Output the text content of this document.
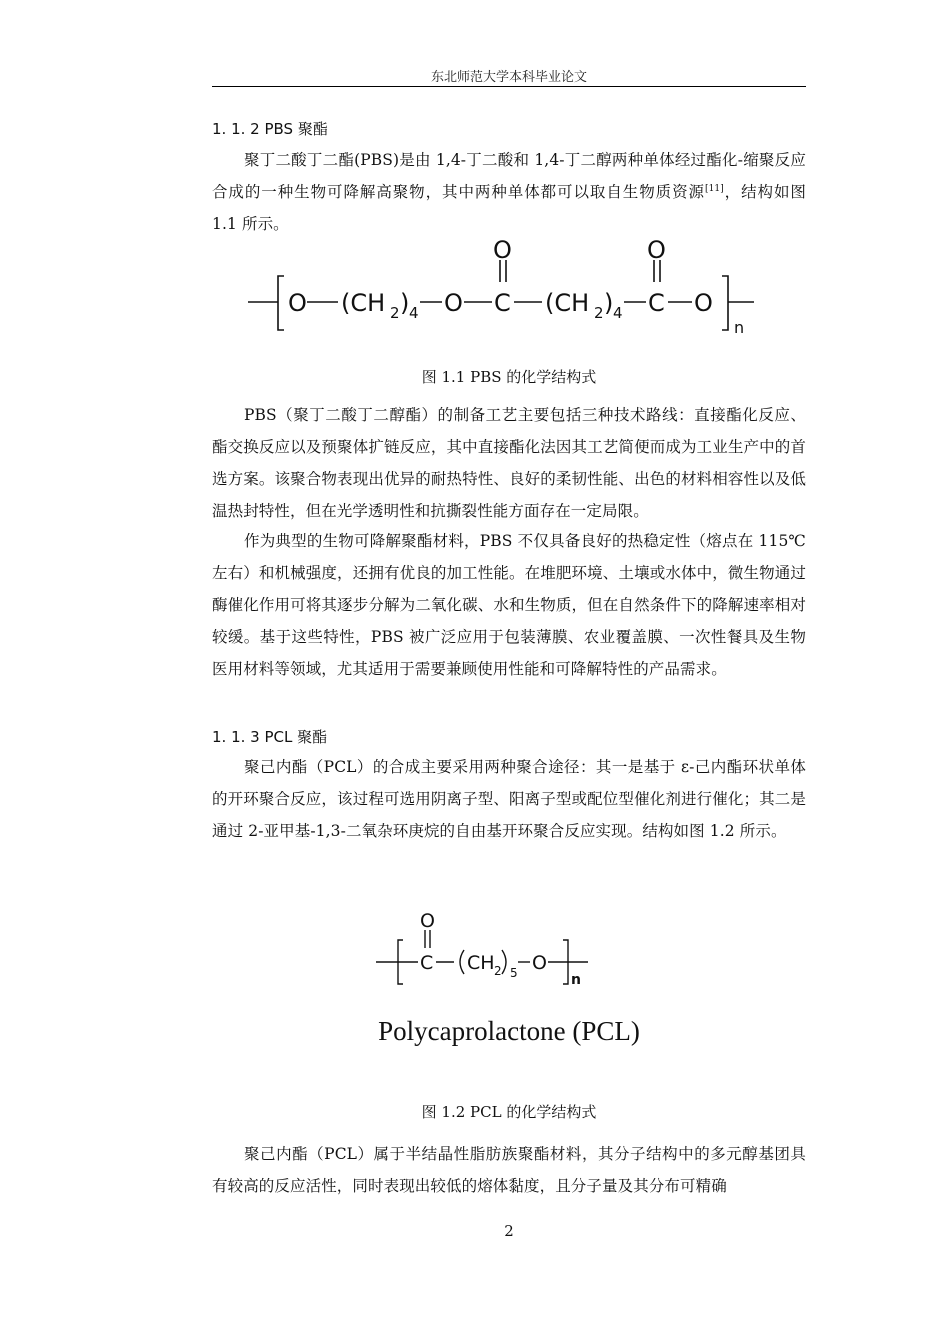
东北师范大学本科毕业论文
1. 1. 2 PBS 聚酯
聚丁二酸丁二酯(PBS)是由 1,4-丁二酸和 1,4-丁二醇两种单体经过酯化-缩聚反应合成的一种生物可降解高聚物，其中两种单体都可以取自生物质资源[11]，结构如图 1.1 所示。
O (CH 2 ) 4 O C
O
(CH 2 ) 4 C
O
O
n
图 1.1 PBS 的化学结构式
PBS（聚丁二酸丁二醇酯）的制备工艺主要包括三种技术路线：直接酯化反应、酯交换反应以及预聚体扩链反应，其中直接酯化法因其工艺简便而成为工业生产中的首选方案。该聚合物表现出优异的耐热特性、良好的柔韧性能、出色的材料相容性以及低温热封特性，但在光学透明性和抗撕裂性能方面存在一定局限。
作为典型的生物可降解聚酯材料，PBS 不仅具备良好的热稳定性（熔点在 115℃左右）和机械强度，还拥有优良的加工性能。在堆肥环境、土壤或水体中，微生物通过酶催化作用可将其逐步分解为二氧化碳、水和生物质，但在自然条件下的降解速率相对较缓。基于这些特性，PBS 被广泛应用于包装薄膜、农业覆盖膜、一次性餐具及生物医用材料等领域，尤其适用于需要兼顾使用性能和可降解特性的产品需求。
1. 1. 3 PCL 聚酯
聚己内酯（PCL）的合成主要采用两种聚合途径：其一是基于 ε-己内酯环状单体的开环聚合反应，该过程可选用阴离子型、阳离子型或配位型催化剂进行催化；其二是通过 2-亚甲基-1,3-二氧杂环庚烷的自由基开环聚合反应实现。结构如图 1.2 所示。
C
O
CH 2 5 O
n
Polycaprolactone (PCL)
图 1.2 PCL 的化学结构式
聚己内酯（PCL）属于半结晶性脂肪族聚酯材料，其分子结构中的多元醇基团具有较高的反应活性，同时表现出较低的熔体黏度，且分子量及其分布可精确
2
